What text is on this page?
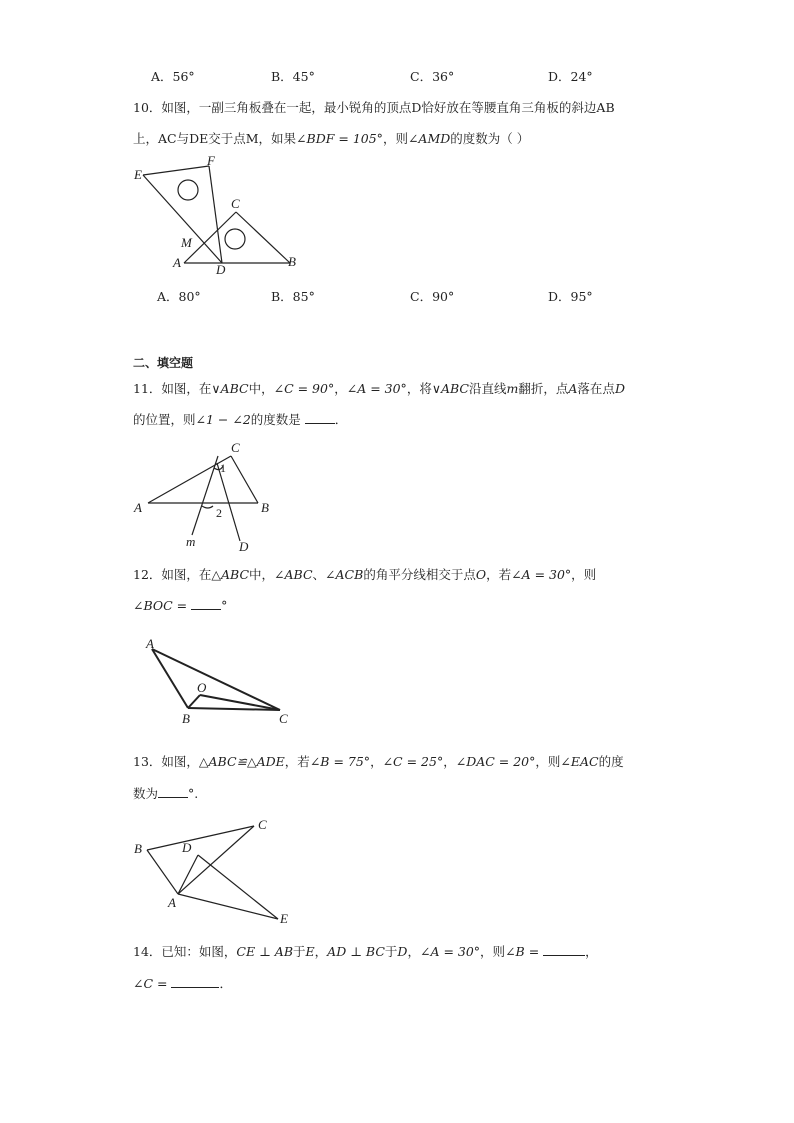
A．56°	B．45°	C．36°	D．24°
10．如图，一副三角板叠在一起，最小锐角的顶点D恰好放在等腰直角三角板的斜边AB
上，AC与DE交于点M，如果∠BDF = 105°，则∠AMD的度数为（ ）
E
F
C
M
A	D
B
A．80°	B．85°	C．90°	D．95°
二、填空题
11．如图，在∨ABC中，∠C = 90°，∠A = 30°，将∨ABC沿直线m翻折，点A落在点D
的位置，则∠1 − ∠2的度数是	．
C
1
A	B
2
m	D
12．如图，在△ABC中，∠ABC、∠ACB的角平分线相交于点O，若∠A = 30°，则
∠BOC =	°
A
O
B	C
13．如图，△ABC≌△ADE，若∠B = 75°，∠C = 25°，∠DAC = 20°，则∠EAC的度
数为 °.
B
C
D
A
E
14．已知：如图，CE ⊥ AB于E，AD ⊥ BC于D，∠A = 30°，则∠B =	，
∠C =	．
